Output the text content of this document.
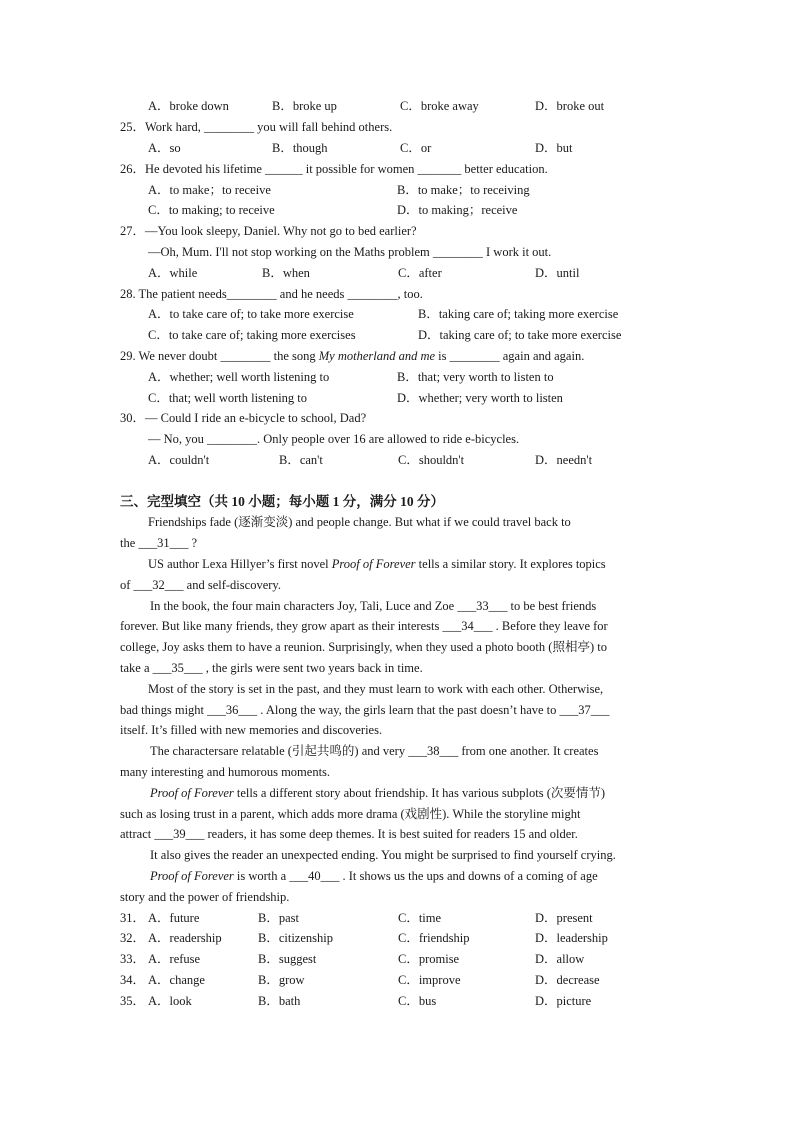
A．broke down	B．broke up	C．broke away	D．broke out
25．Work hard, ________ you will fall behind others.
A．so	B．though	C．or	D．but
26．He devoted his lifetime ______ it possible for women _______ better education.
A．to make；to receive	B．to make；to receiving
C．to making; to receive	D．to making；receive
27．—You look sleepy, Daniel. Why not go to bed earlier?
—Oh, Mum. I'll not stop working on the Maths problem ________ I work it out.
A．while	B．when	C．after	D．until
28. The patient needs________ and he needs ________, too.
A．to take care of; to take more exercise	B．taking care of; taking more exercise
C．to take care of; taking more exercises	D．taking care of; to take more exercise
29. We never doubt ________ the song My motherland and me is ________ again and again.
A．whether; well worth listening to	B．that; very worth to listen to
C．that; well worth listening to	D．whether; very worth to listen
30．— Could I ride an e-bicycle to school, Dad?
— No, you ________. Only people over 16 are allowed to ride e-bicycles.
A．couldn't	B．can't	C．shouldn't	D．needn't
三、完型填空（共 10 小题；每小题 1 分，满分 10 分）
Friendships fade (逐渐变淡) and people change. But what if we could travel back to
the ___31___ ?
US author Lexa Hillyer’s first novel Proof of Forever tells a similar story. It explores topics
of ___32___ and self-discovery.
In the book, the four main characters Joy, Tali, Luce and Zoe ___33___ to be best friends
forever. But like many friends, they grow apart as their interests ___34___ . Before they leave for
college, Joy asks them to have a reunion. Surprisingly, when they used a photo booth (照相亭) to
take a ___35___ , the girls were sent two years back in time.
Most of the story is set in the past, and they must learn to work with each other. Otherwise,
bad things might ___36___ . Along the way, the girls learn that the past doesn’t have to ___37___
itself. It’s filled with new memories and discoveries.
The charactersare relatable (引起共鸣的) and very ___38___ from one another. It creates
many interesting and humorous moments.
Proof of Forever tells a different story about friendship. It has various subplots (次要情节)
such as losing trust in a parent, which adds more drama (戏剧性). While the storyline might
attract ___39___ readers, it has some deep themes. It is best suited for readers 15 and older.
It also gives the reader an unexpected ending. You might be surprised to find yourself crying.
Proof of Forever is worth a ___40___ . It shows us the ups and downs of a coming of age
story and the power of friendship.
31． A．future	B．past	C．time	D．present
32． A．readership	B．citizenship	C．friendship	D．leadership
33． A．refuse	B．suggest	C．promise	D．allow
34． A．change	B．grow	C．improve	D．decrease
35． A．look	B．bath	C．bus	D．picture
